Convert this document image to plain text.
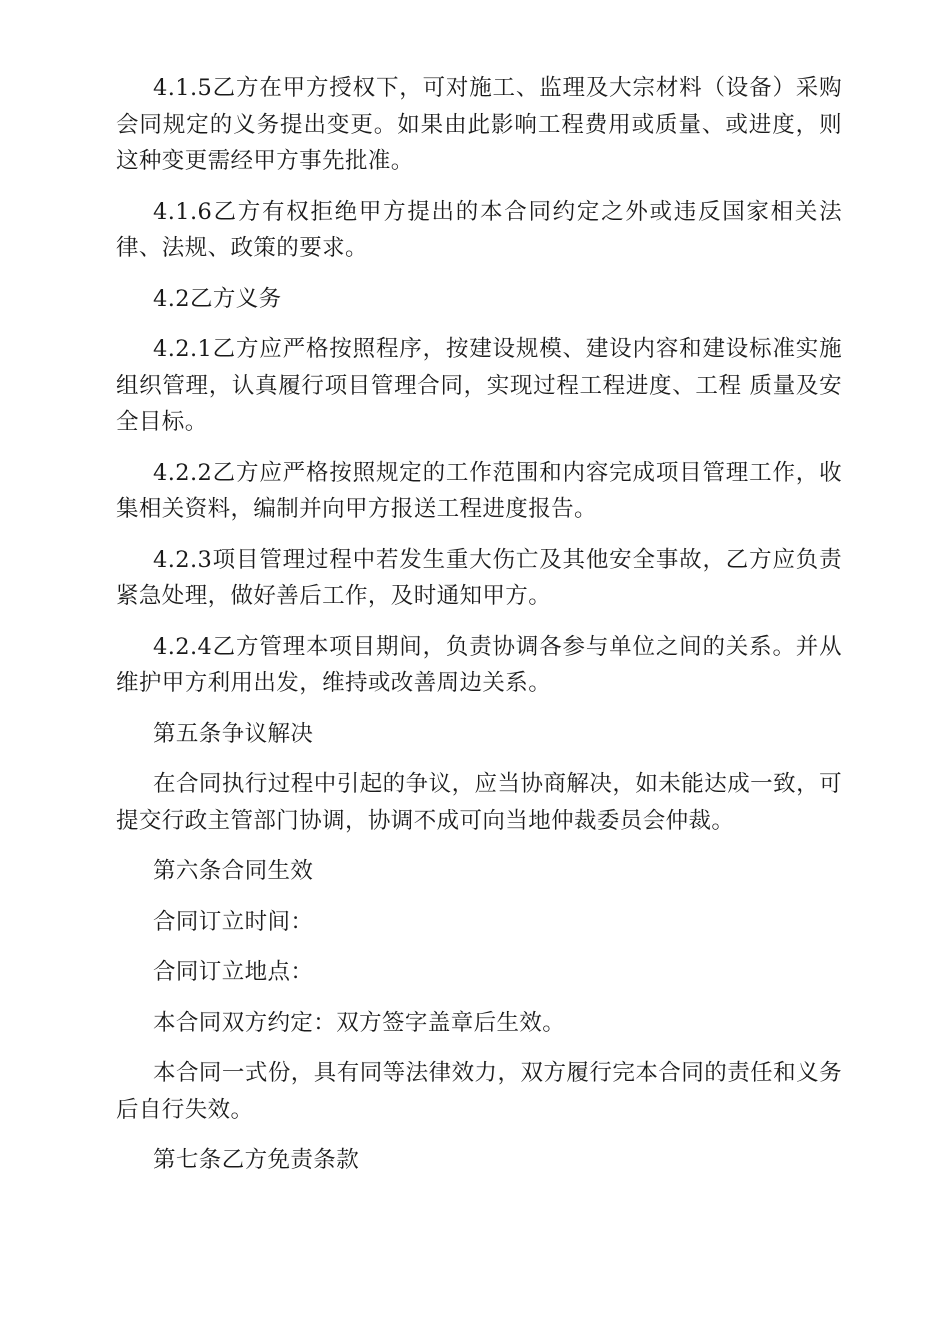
4.1.5乙方在甲方授权下，可对施工、监理及大宗材料（设备）采购会同规定的义务提出变更。如果由此影响工程费用或质量、或进度，则这种变更需经甲方事先批准。

4.1.6乙方有权拒绝甲方提出的本合同约定之外或违反国家相关法律、法规、政策的要求。

4.2乙方义务

4.2.1乙方应严格按照程序，按建设规模、建设内容和建设标准实施组织管理，认真履行项目管理合同，实现过程工程进度、工程 质量及安全目标。

4.2.2乙方应严格按照规定的工作范围和内容完成项目管理工作，收集相关资料，编制并向甲方报送工程进度报告。

4.2.3项目管理过程中若发生重大伤亡及其他安全事故，乙方应负责紧急处理，做好善后工作，及时通知甲方。

4.2.4乙方管理本项目期间，负责协调各参与单位之间的关系。并从维护甲方利用出发，维持或改善周边关系。

第五条争议解决

在合同执行过程中引起的争议，应当协商解决，如未能达成一致，可提交行政主管部门协调，协调不成可向当地仲裁委员会仲裁。

第六条合同生效

合同订立时间：

合同订立地点：

本合同双方约定：双方签字盖章后生效。

本合同一式份，具有同等法律效力，双方履行完本合同的责任和义务后自行失效。

第七条乙方免责条款
